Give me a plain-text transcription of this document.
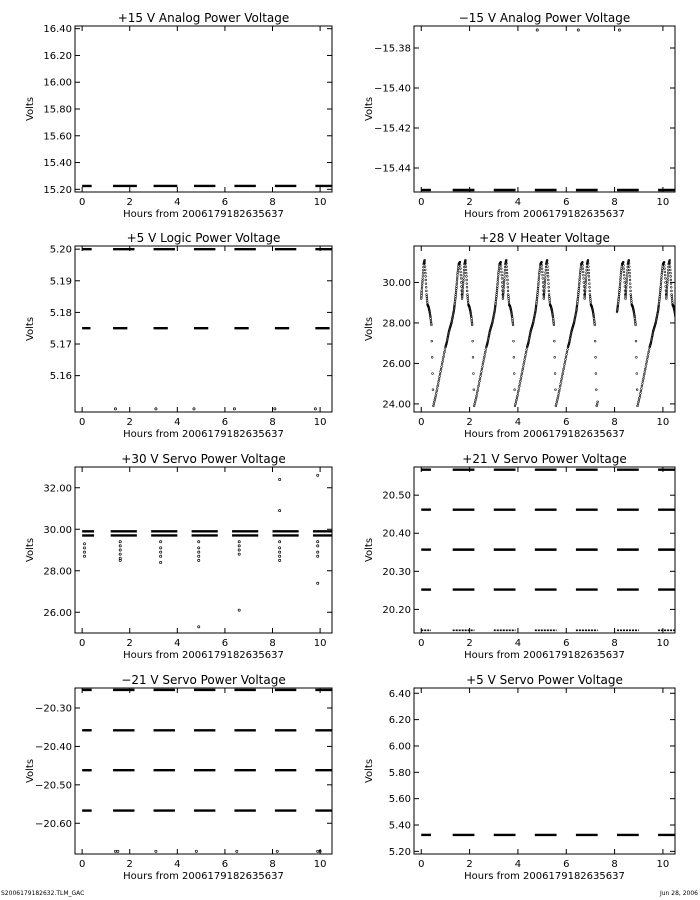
+15 V Analog Power Voltage
0	2	4	6	8	10
15.20
15.40
15.60
15.80
16.00
16.20
16.40
Hours from 2006179182635637
Volts
−15 V Analog Power Voltage
0	2	4	6	8	10
−15.44
−15.42
−15.40
−15.38
Hours from 2006179182635637
Volts
+5 V Logic Power Voltage
0	2	4	6	8	10
5.16
5.17
5.18
5.19
5.20
Hours from 2006179182635637
Volts
+28 V Heater Voltage
0	2	4	6	8	10
24.00
26.00
28.00
30.00
Hours from 2006179182635637
Volts
+30 V Servo Power Voltage
0	2	4	6	8	10
26.00
28.00
30.00
32.00
Hours from 2006179182635637
Volts
+21 V Servo Power Voltage
0	2	4	6	8	10
20.20
20.30
20.40
20.50
Hours from 2006179182635637
Volts
−21 V Servo Power Voltage
0	2	4	6	8	10
−20.60
−20.50
−20.40
−20.30
Hours from 2006179182635637
Volts
+5 V Servo Power Voltage
0	2	4	6	8	10
5.20
5.40
5.60
5.80
6.00
6.20
6.40
Hours from 2006179182635637
Volts
S2006179182632.TLM_GAC	Jun 28, 2006
